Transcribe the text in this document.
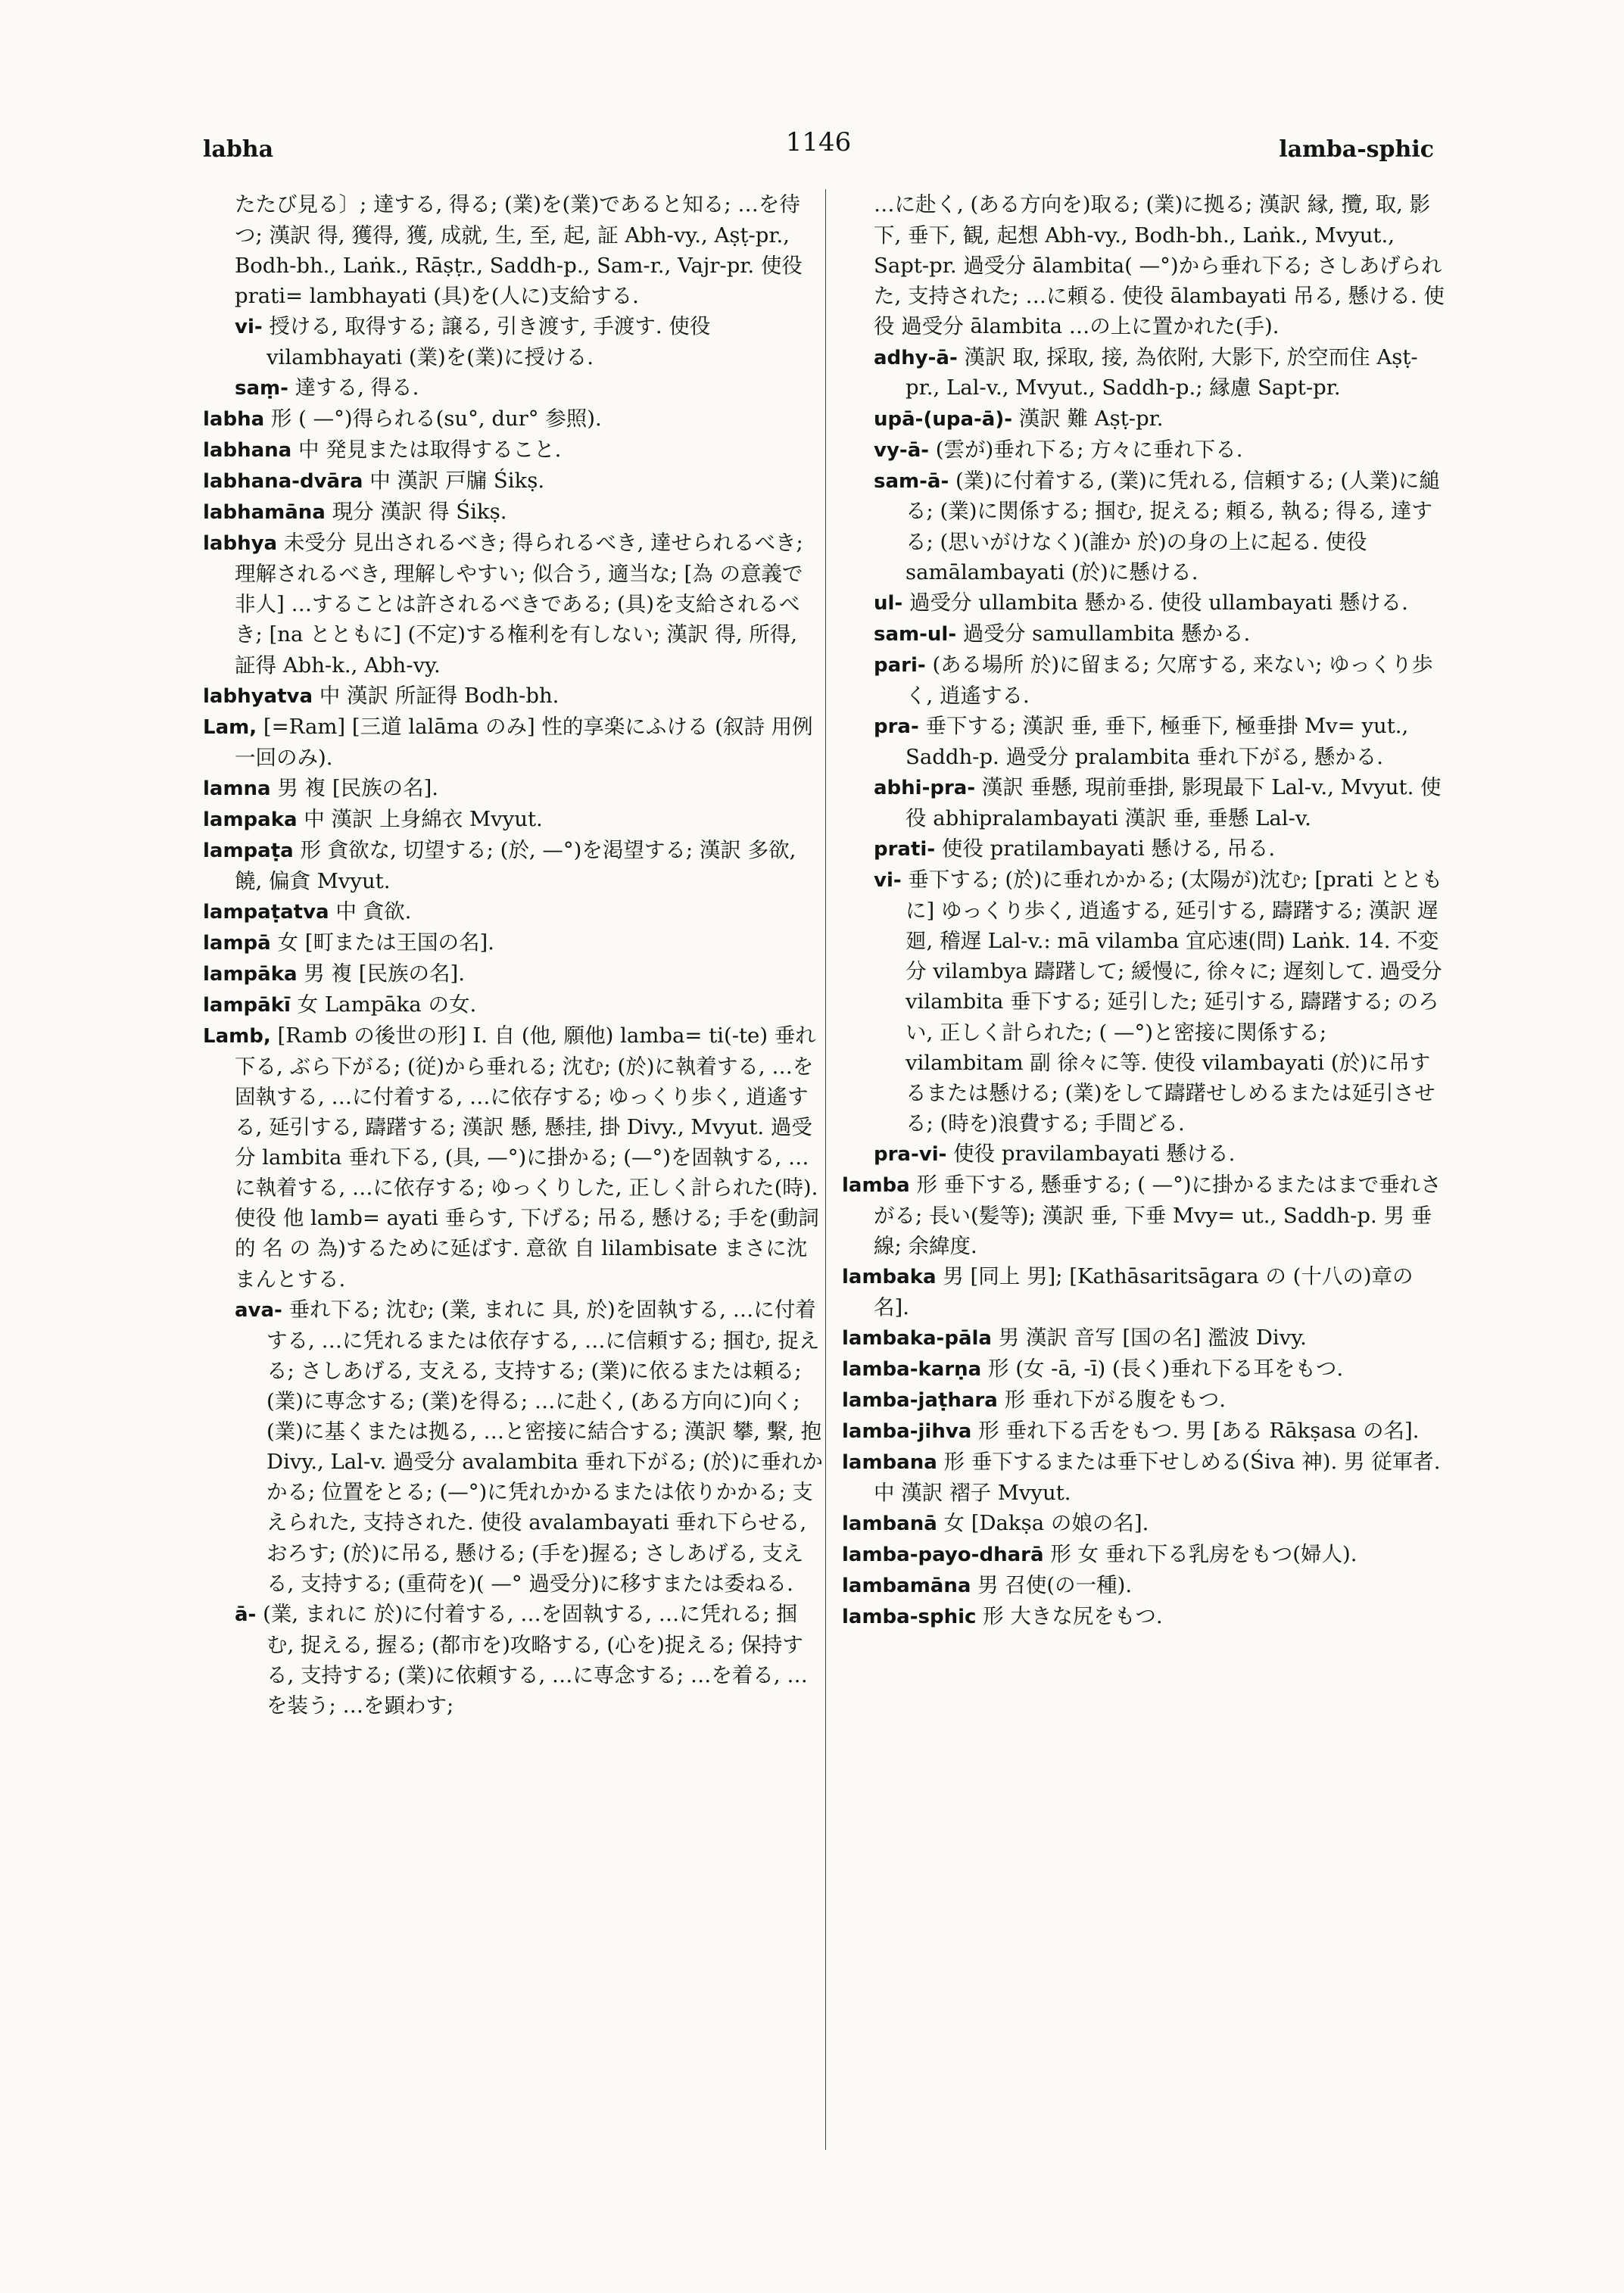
labha	1146	lamba-sphic

たたび見る〕; 達する, 得る; (業)を(業)であると知る; …を待つ; 漢訳 得, 獲得, 獲, 成就, 生, 至, 起, 証 Abh-vy., Aṣṭ-pr., Bodh-bh., Laṅk., Rāṣṭr., Saddh-p., Sam-r., Vajr-pr. 使役 prati= lambhayati (具)を(人に)支給する.

vi- 授ける, 取得する; 譲る, 引き渡す, 手渡す. 使役 vilambhayati (業)を(業)に授ける.

saṃ- 達する, 得る.

labha 形 ( —°)得られる(su°, dur° 参照).

labhana 中 発見または取得すること.

labhana-dvāra 中 漢訳 戸牖 Śikṣ.

labhamāna 現分 漢訳 得 Śikṣ.

labhya 未受分 見出されるべき; 得られるべき, 達せられるべき; 理解されるべき, 理解しやすい; 似合う, 適当な; [為 の意義で 非人] …することは許されるべきである; (具)を支給されるべき; [na とともに] (不定)する権利を有しない; 漢訳 得, 所得, 証得 Abh-k., Abh-vy.

labhyatva 中 漢訳 所証得 Bodh-bh.

Lam, [=Ram] [三道 lalāma のみ] 性的享楽にふける (叙詩 用例一回のみ).

lamna 男 複 [民族の名].

lampaka 中 漢訳 上身綿衣 Mvyut.

lampaṭa 形 貪欲な, 切望する; (於, —°)を渇望する; 漢訳 多欲, 饒, 偏貪 Mvyut.

lampaṭatva 中 貪欲.

lampā 女 [町または王国の名].

lampāka 男 複 [民族の名].

lampākī 女 Lampāka の女.

Lamb, [Ramb の後世の形] I. 自 (他, 願他) lamba= ti(-te) 垂れ下る, ぶら下がる; (従)から垂れる; 沈む; (於)に執着する, …を固執する, …に付着する, …に依存する; ゆっくり歩く, 逍遙する, 延引する, 躊躇する; 漢訳 懸, 懸挂, 掛 Divy., Mvyut. 過受分 lambita 垂れ下る, (具, —°)に掛かる; (—°)を固執する, …に執着する, …に依存する; ゆっくりした, 正しく計られた(時). 使役 他 lamb= ayati 垂らす, 下げる; 吊る, 懸ける; 手を(動詞的 名 の 為)するために延ばす. 意欲 自 lilambisate まさに沈まんとする.

ava- 垂れ下る; 沈む; (業, まれに 具, 於)を固執する, …に付着する, …に凭れるまたは依存する, …に信頼する; 掴む, 捉える; さしあげる, 支える, 支持する; (業)に依るまたは頼る; (業)に専念する; (業)を得る; …に赴く, (ある方向に)向く; (業)に基くまたは拠る, …と密接に結合する; 漢訳 攀, 繫, 抱 Divy., Lal-v. 過受分 avalambita 垂れ下がる; (於)に垂れかかる; 位置をとる; (—°)に凭れかかるまたは依りかかる; 支えられた, 支持された. 使役 avalambayati 垂れ下らせる, おろす; (於)に吊る, 懸ける; (手を)握る; さしあげる, 支える, 支持する; (重荷を)( —° 過受分)に移すまたは委ねる.

ā- (業, まれに 於)に付着する, …を固執する, …に凭れる; 掴む, 捉える, 握る; (都市を)攻略する, (心を)捉える; 保持する, 支持する; (業)に依頼する, …に専念する; …を着る, …を装う; …を顕わす;

…に赴く, (ある方向を)取る; (業)に拠る; 漢訳 縁, 攬, 取, 影下, 垂下, 観, 起想 Abh-vy., Bodh-bh., Laṅk., Mvyut., Sapt-pr. 過受分 ālambita( —°)から垂れ下る; さしあげられた, 支持された; …に頼る. 使役 ālambayati 吊る, 懸ける. 使役 過受分 ālambita …の上に置かれた(手).

adhy-ā- 漢訳 取, 採取, 接, 為依附, 大影下, 於空而住 Aṣṭ-pr., Lal-v., Mvyut., Saddh-p.; 縁慮 Sapt-pr.

upā-(upa-ā)- 漢訳 難 Aṣṭ-pr.

vy-ā- (雲が)垂れ下る; 方々に垂れ下る.

sam-ā- (業)に付着する, (業)に凭れる, 信頼する; (人業)に縋る; (業)に関係する; 掴む, 捉える; 頼る, 執る; 得る, 達する; (思いがけなく)(誰か 於)の身の上に起る. 使役 samālambayati (於)に懸ける.

ul- 過受分 ullambita 懸かる. 使役 ullambayati 懸ける.

sam-ul- 過受分 samullambita 懸かる.

pari- (ある場所 於)に留まる; 欠席する, 来ない; ゆっくり歩く, 逍遙する.

pra- 垂下する; 漢訳 垂, 垂下, 極垂下, 極垂掛 Mv= yut., Saddh-p. 過受分 pralambita 垂れ下がる, 懸かる.

abhi-pra- 漢訳 垂懸, 現前垂掛, 影現最下 Lal-v., Mvyut. 使役 abhipralambayati 漢訳 垂, 垂懸 Lal-v.

prati- 使役 pratilambayati 懸ける, 吊る.

vi- 垂下する; (於)に垂れかかる; (太陽が)沈む; [prati とともに] ゆっくり歩く, 逍遙する, 延引する, 躊躇する; 漢訳 遅廻, 稽遅 Lal-v.: mā vilamba 宜応速(問) Laṅk. 14. 不変分 vilambya 躊躇して; 緩慢に, 徐々に; 遅刻して. 過受分 vilambita 垂下する; 延引した; 延引する, 躊躇する; のろい, 正しく計られた; ( —°)と密接に関係する; vilambitam 副 徐々に等. 使役 vilambayati (於)に吊するまたは懸ける; (業)をして躊躇せしめるまたは延引させる; (時を)浪費する; 手間どる.

pra-vi- 使役 pravilambayati 懸ける.

lamba 形 垂下する, 懸垂する; ( —°)に掛かるまたはまで垂れさがる; 長い(髪等); 漢訳 垂, 下垂 Mvy= ut., Saddh-p. 男 垂線; 余緯度.

lambaka 男 [同上 男]; [Kathāsaritsāgara の (十八の)章の名].

lambaka-pāla 男 漢訳 音写 [国の名] 濫波 Divy.

lamba-karṇa 形 (女 -ā, -ī) (長く)垂れ下る耳をもつ.

lamba-jaṭhara 形 垂れ下がる腹をもつ.

lamba-jihva 形 垂れ下る舌をもつ. 男 [ある Rākṣasa の名].

lambana 形 垂下するまたは垂下せしめる(Śiva 神). 男 従軍者. 中 漢訳 褶子 Mvyut.

lambanā 女 [Dakṣa の娘の名].

lamba-payo-dharā 形 女 垂れ下る乳房をもつ(婦人).

lambamāna 男 召使(の一種).

lamba-sphic 形 大きな尻をもつ.
